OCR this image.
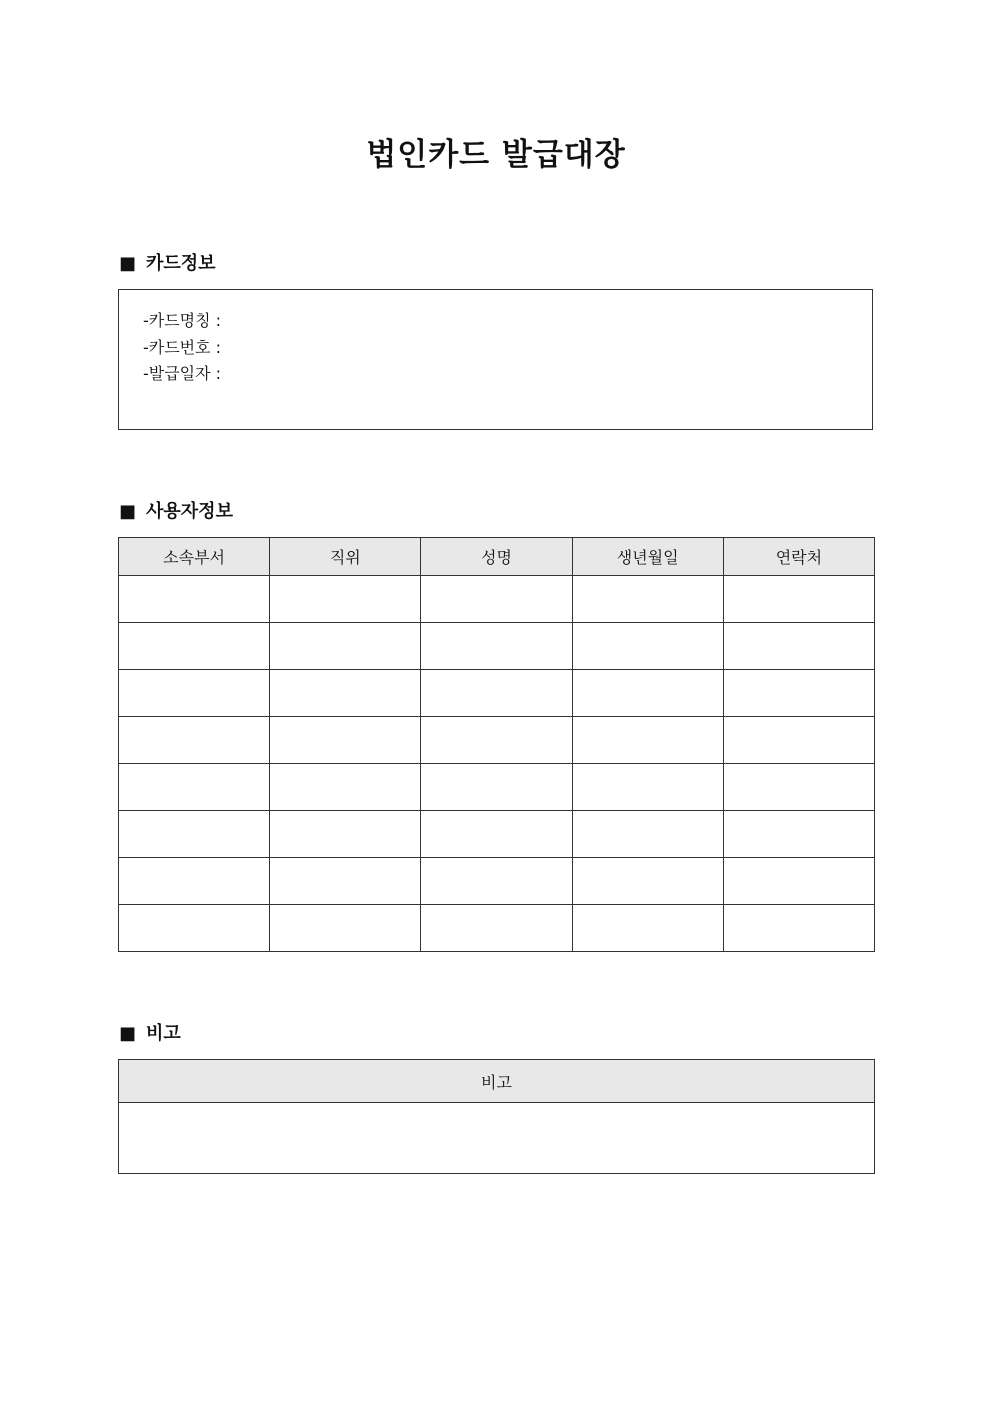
법인카드 발급대장
■ 카드정보

-카드명칭 :

-카드번호 :

-발급일자 :

■ 사용자정보
소속부서	직위	성명	생년월일	연락처

■ 비고
비고
